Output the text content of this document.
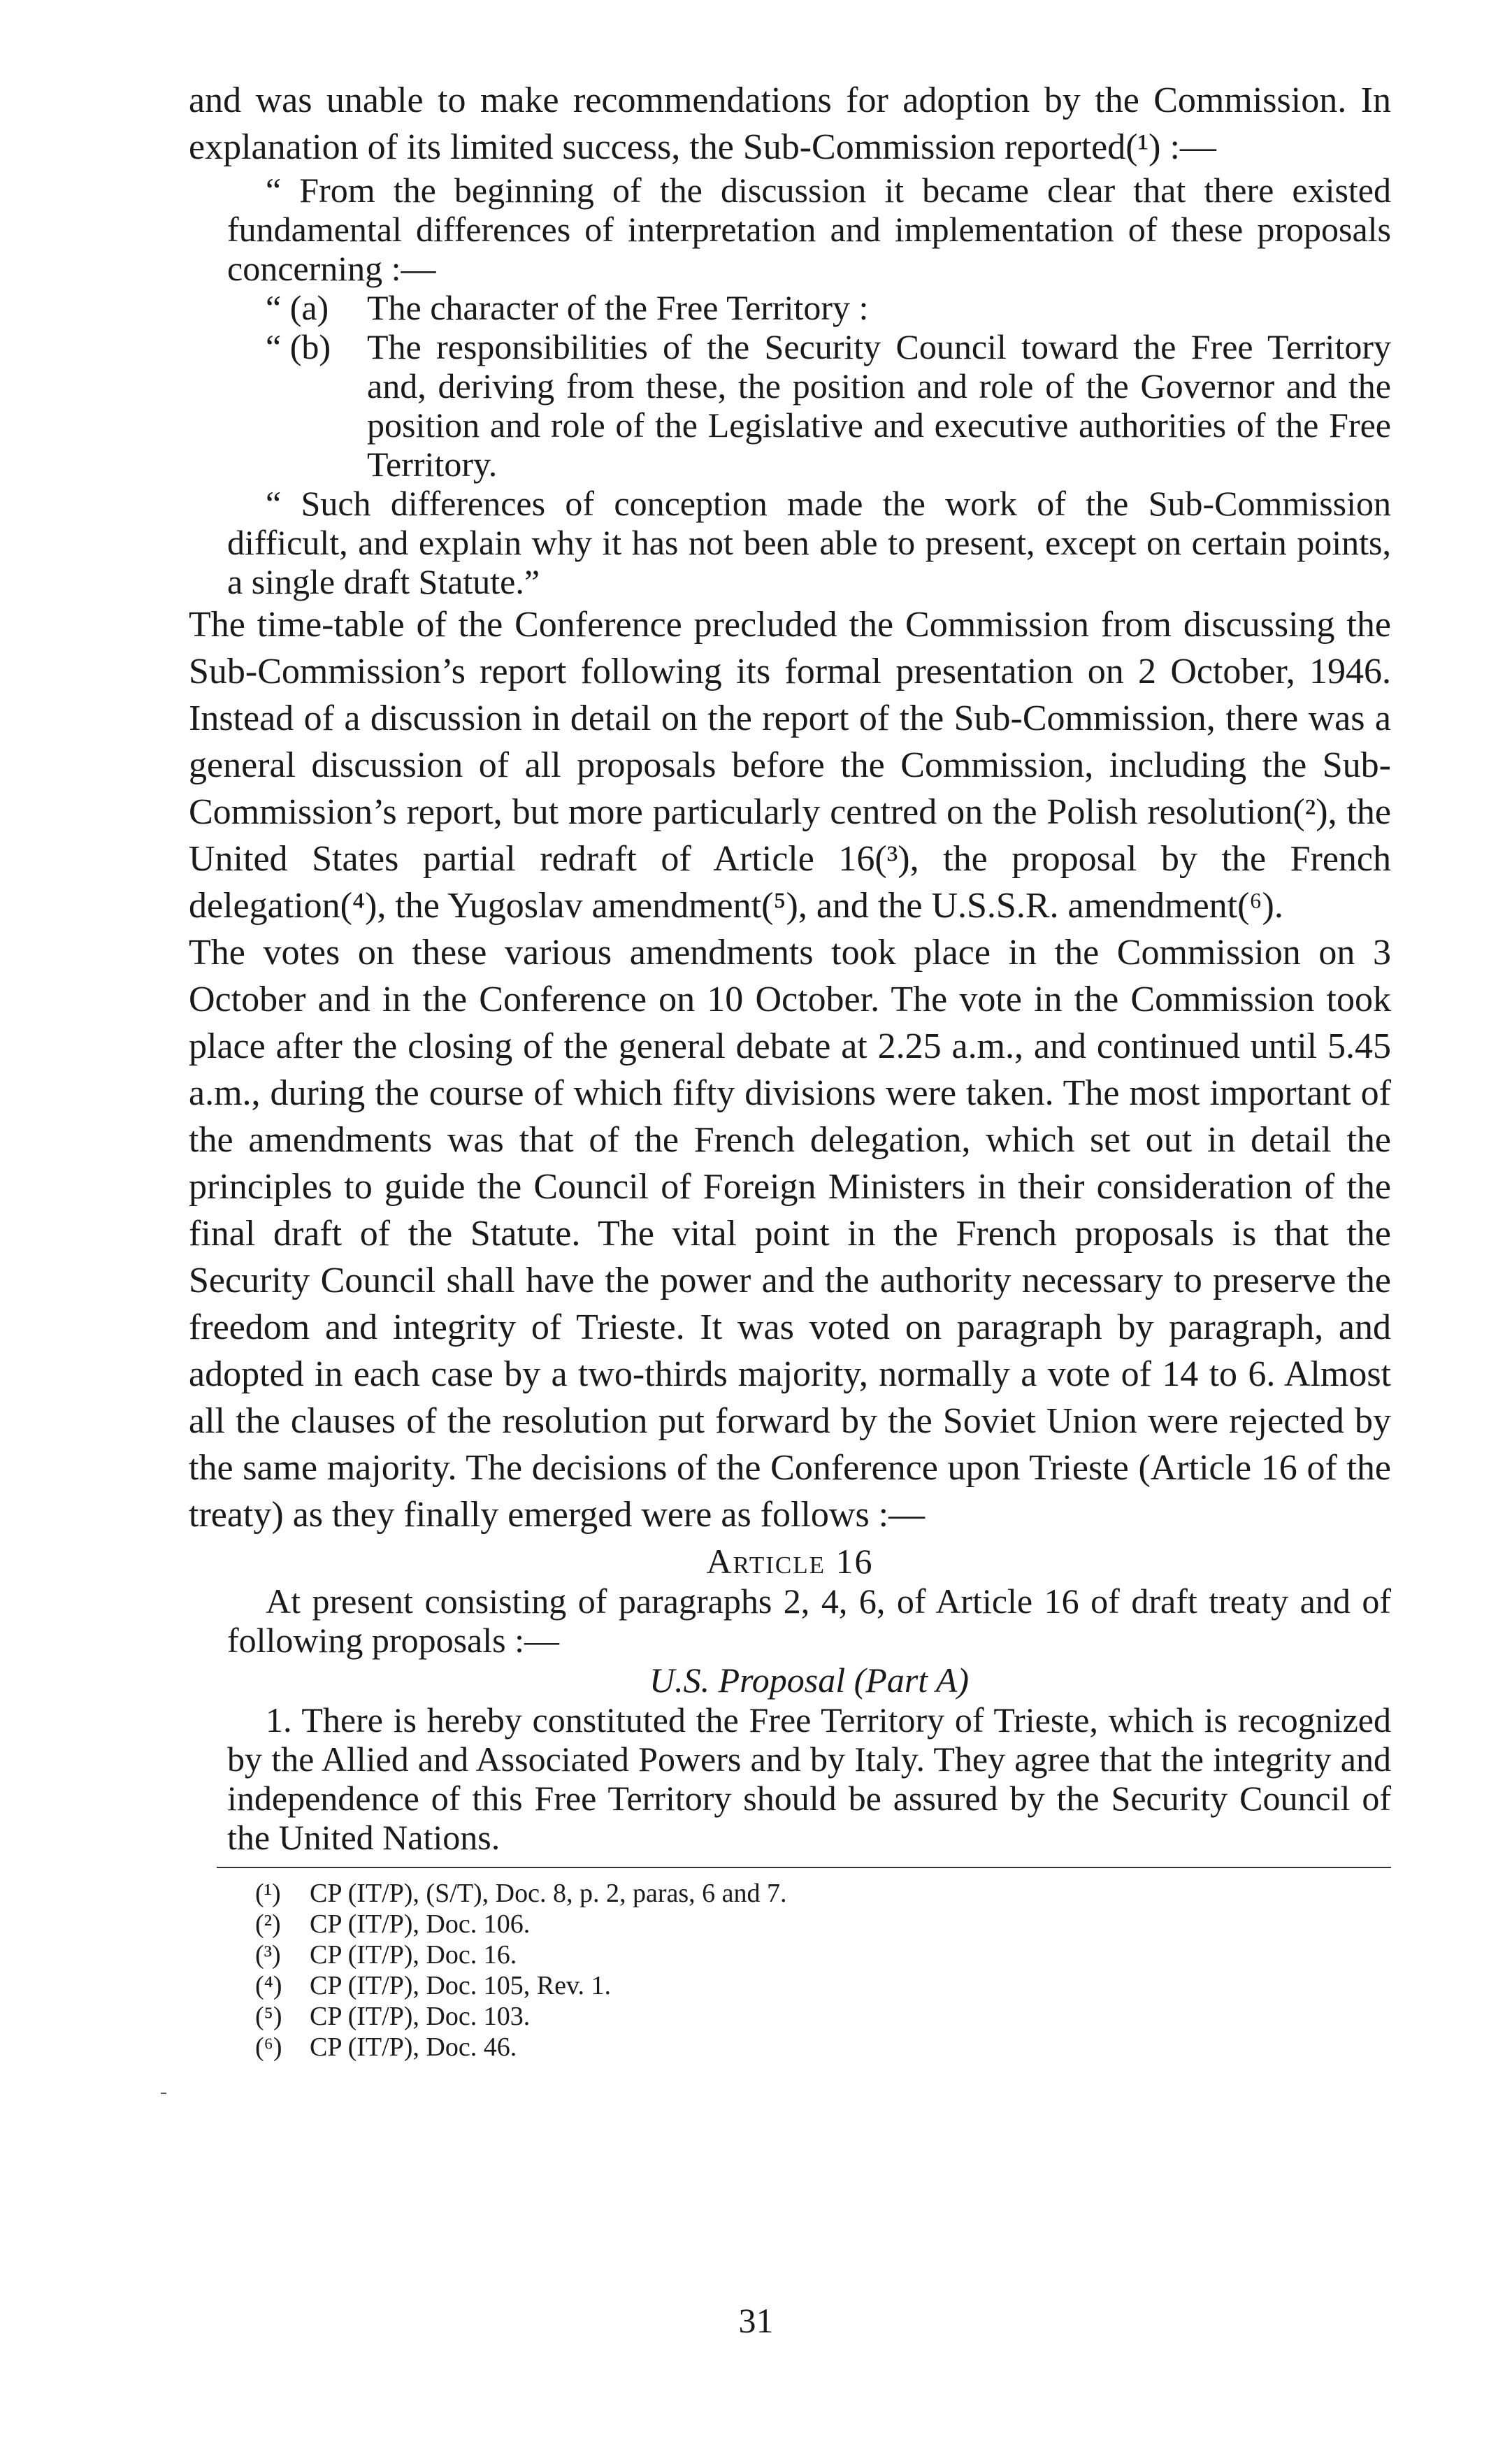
and was unable to make recommendations for adoption by the Commission. In explanation of its limited success, the Sub-Commission reported(¹) :—

“ From the beginning of the discussion it became clear that there existed fundamental differences of interpretation and implementation of these proposals concerning :—

“ (a)	The character of the Free Territory :
“ (b)	The responsibilities of the Security Council toward the Free Territory and, deriving from these, the position and role of the Governor and the position and role of the Legislative and executive authorities of the Free Territory.

“ Such differences of conception made the work of the Sub-Commission difficult, and explain why it has not been able to present, except on certain points, a single draft Statute.”

The time-table of the Conference precluded the Commission from discussing the Sub-Commission’s report following its formal presentation on 2 October, 1946. Instead of a discussion in detail on the report of the Sub-Commission, there was a general discussion of all proposals before the Commission, including the Sub-Commission’s report, but more particularly centred on the Polish resolution(²), the United States partial redraft of Article 16(³), the proposal by the French delegation(⁴), the Yugoslav amendment(⁵), and the U.S.S.R. amendment(⁶).

The votes on these various amendments took place in the Commission on 3 October and in the Conference on 10 October. The vote in the Commission took place after the closing of the general debate at 2.25 a.m., and continued until 5.45 a.m., during the course of which fifty divisions were taken. The most important of the amendments was that of the French delegation, which set out in detail the principles to guide the Council of Foreign Ministers in their consideration of the final draft of the Statute. The vital point in the French proposals is that the Security Council shall have the power and the authority necessary to preserve the freedom and integrity of Trieste. It was voted on paragraph by paragraph, and adopted in each case by a two-thirds majority, normally a vote of 14 to 6. Almost all the clauses of the resolution put forward by the Soviet Union were rejected by the same majority. The decisions of the Conference upon Trieste (Article 16 of the treaty) as they finally emerged were as follows :—

Article 16

At present consisting of paragraphs 2, 4, 6, of Article 16 of draft treaty and of following proposals :—

U.S. Proposal (Part A)

1. There is hereby constituted the Free Territory of Trieste, which is recognized by the Allied and Associated Powers and by Italy. They agree that the integrity and independence of this Free Territory should be assured by the Security Council of the United Nations.

(¹)	CP (IT/P), (S/T), Doc. 8, p. 2, paras, 6 and 7.
(²)	CP (IT/P), Doc. 106.
(³)	CP (IT/P), Doc. 16.
(⁴)	CP (IT/P), Doc. 105, Rev. 1.
(⁵)	CP (IT/P), Doc. 103.
(⁶)	CP (IT/P), Doc. 46.
31
